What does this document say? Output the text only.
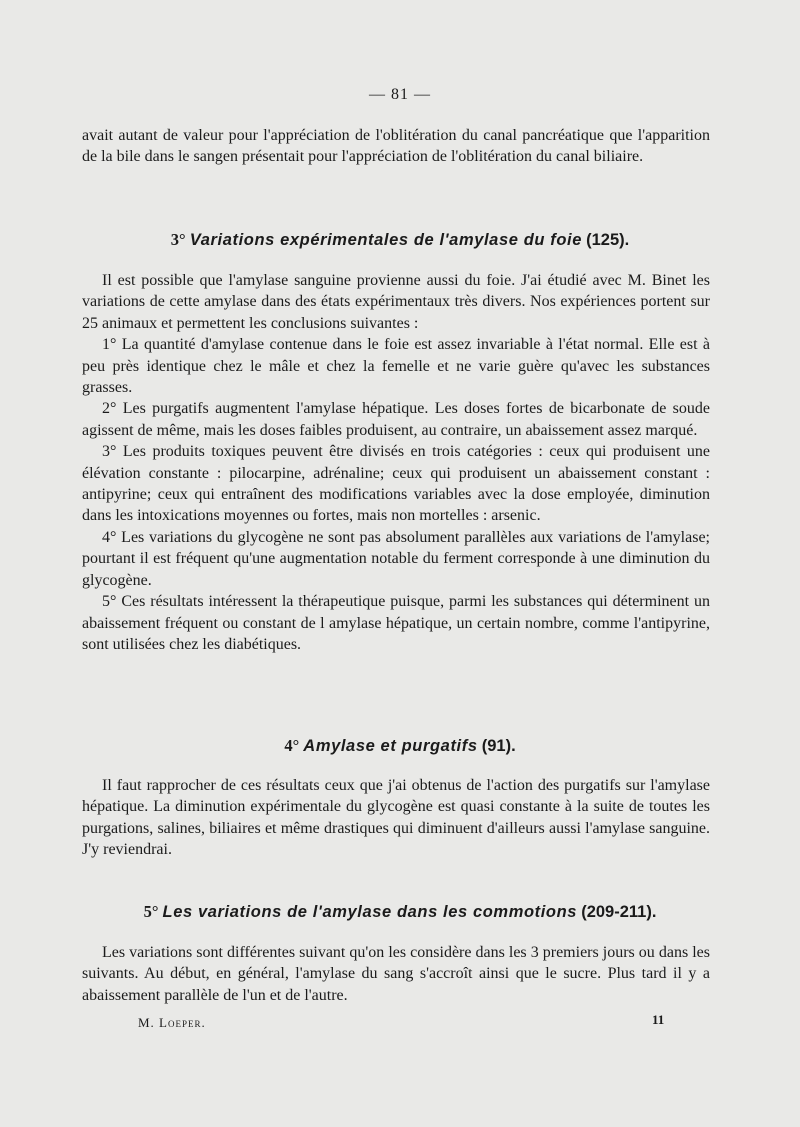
— 81 —

avait autant de valeur pour l'appréciation de l'oblitération du canal pancréatique que l'apparition de la bile dans le sangen présentait pour l'appréciation de l'oblitération du canal biliaire.

3° Variations expérimentales de l'amylase du foie (125).

Il est possible que l'amylase sanguine provienne aussi du foie. J'ai étudié avec M. Binet les variations de cette amylase dans des états expérimentaux très divers. Nos expériences portent sur 25 animaux et permettent les conclusions suivantes :

1° La quantité d'amylase contenue dans le foie est assez invariable à l'état normal. Elle est à peu près identique chez le mâle et chez la femelle et ne varie guère qu'avec les substances grasses.

2° Les purgatifs augmentent l'amylase hépatique. Les doses fortes de bicarbonate de soude agissent de même, mais les doses faibles produisent, au contraire, un abaissement assez marqué.

3° Les produits toxiques peuvent être divisés en trois catégories : ceux qui produisent une élévation constante : pilocarpine, adrénaline; ceux qui produisent un abaissement constant : antipyrine; ceux qui entraînent des modifications variables avec la dose employée, diminution dans les intoxications moyennes ou fortes, mais non mortelles : arsenic.

4° Les variations du glycogène ne sont pas absolument parallèles aux variations de l'amylase; pourtant il est fréquent qu'une augmentation notable du ferment corresponde à une diminution du glycogène.

5° Ces résultats intéressent la thérapeutique puisque, parmi les substances qui déterminent un abaissement fréquent ou constant de l amylase hépatique, un certain nombre, comme l'antipyrine, sont utilisées chez les diabétiques.

4° Amylase et purgatifs (91).

Il faut rapprocher de ces résultats ceux que j'ai obtenus de l'action des purgatifs sur l'amylase hépatique. La diminution expérimentale du glycogène est quasi constante à la suite de toutes les purgations, salines, biliaires et même drastiques qui diminuent d'ailleurs aussi l'amylase sanguine. J'y reviendrai.

5° Les variations de l'amylase dans les commotions (209-211).

Les variations sont différentes suivant qu'on les considère dans les 3 premiers jours ou dans les suivants. Au début, en général, l'amylase du sang s'accroît ainsi que le sucre. Plus tard il y a abaissement parallèle de l'un et de l'autre.

M. Loeper.	11
